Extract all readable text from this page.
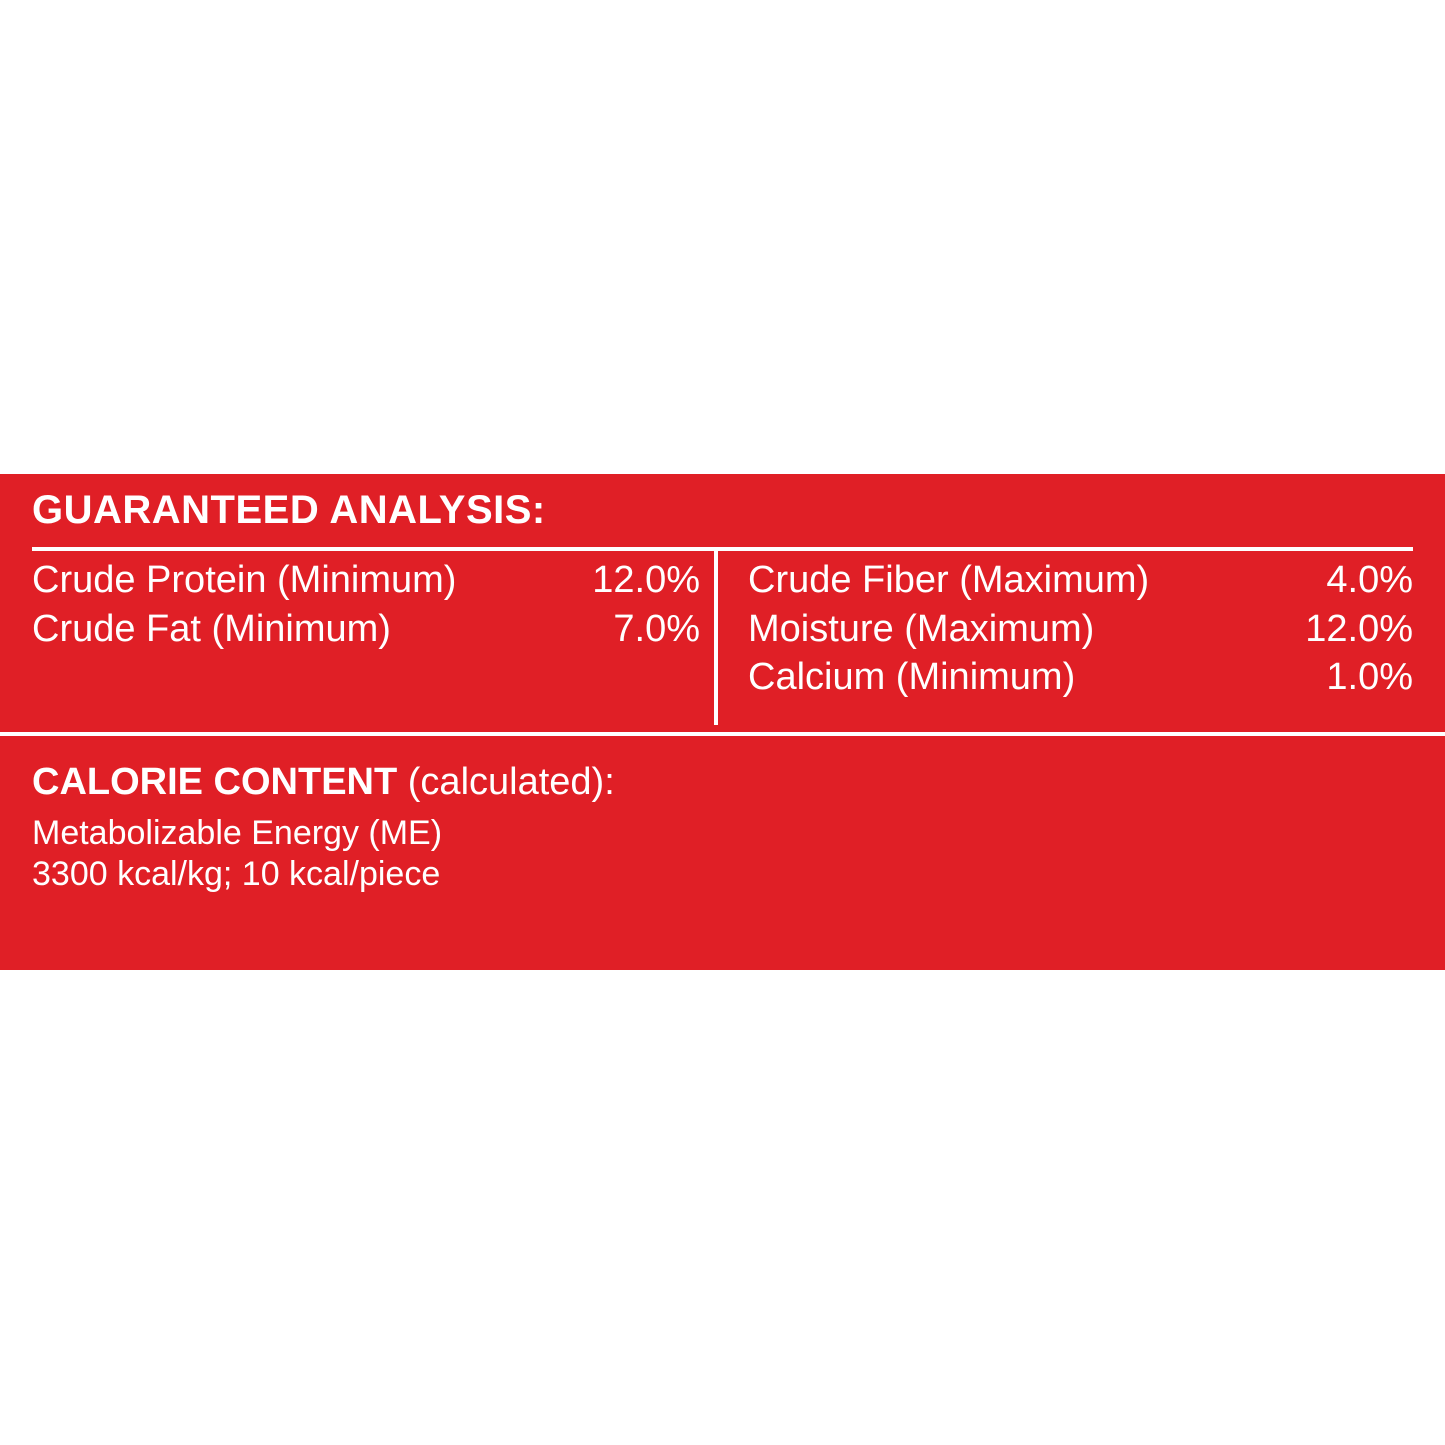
GUARANTEED ANALYSIS:
Crude Protein (Minimum)	12.0%
Crude Fat (Minimum)	7.0%
Crude Fiber (Maximum)	4.0%
Moisture (Maximum)	12.0%
Calcium (Minimum)	1.0%
CALORIE CONTENT (calculated):
Metabolizable Energy (ME)
3300 kcal/kg; 10 kcal/piece
